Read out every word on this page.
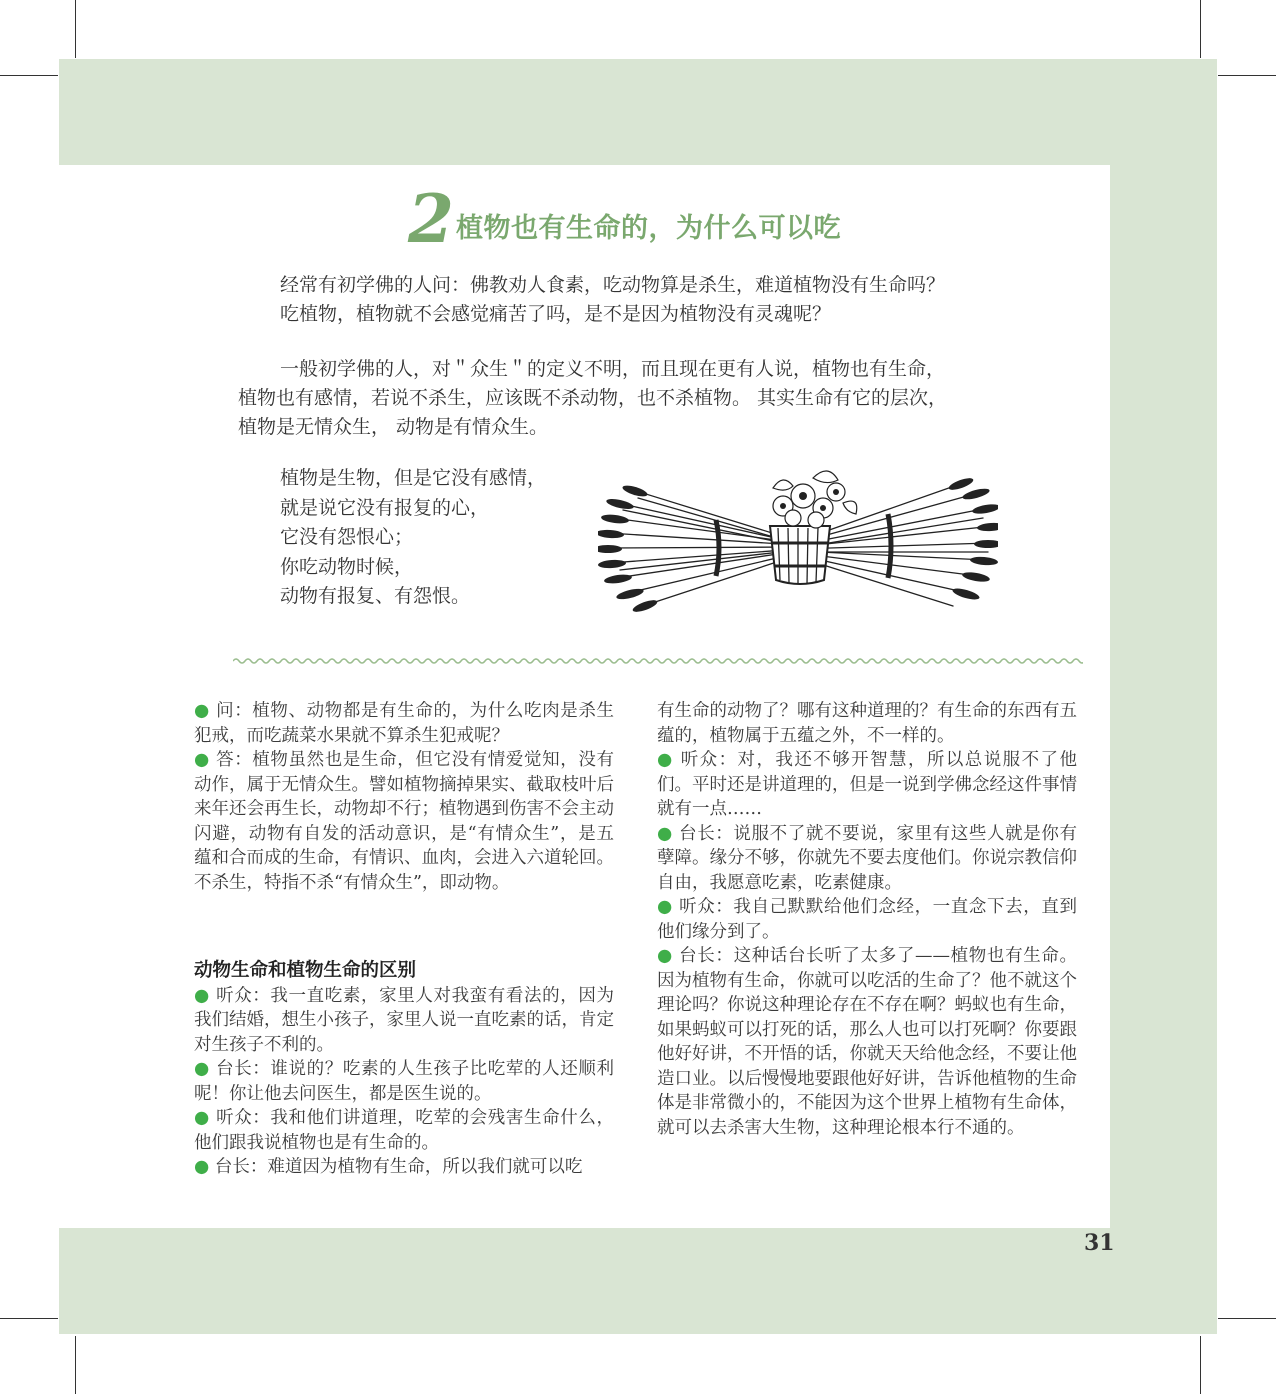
2 植物也有生命的，为什么可以吃

经常有初学佛的人问：佛教劝人食素，吃动物算是杀生，难道植物没有生命吗？

吃植物，植物就不会感觉痛苦了吗，是不是因为植物没有灵魂呢？

一般初学佛的人，对＂众生＂的定义不明，而且现在更有人说，植物也有生命，

植物也有感情，若说不杀生，应该既不杀动物，也不杀植物。 其实生命有它的层次，

植物是无情众生， 动物是有情众生。

植物是生物，但是它没有感情，

就是说它没有报复的心，

它没有怨恨心；

你吃动物时候，

动物有报复、有怨恨。

● 问：植物、动物都是有生命的，为什么吃肉是杀生犯戒，而吃蔬菜水果就不算杀生犯戒呢？

● 答：植物虽然也是生命，但它没有情爱觉知，没有动作，属于无情众生。譬如植物摘掉果实、截取枝叶后来年还会再生长，动物却不行；植物遇到伤害不会主动闪避，动物有自发的活动意识，是“有情众生”，是五蕴和合而成的生命，有情识、血肉，会进入六道轮回。不杀生，特指不杀“有情众生”，即动物。

动物生命和植物生命的区别

● 听众：我一直吃素，家里人对我蛮有看法的，因为我们结婚，想生小孩子，家里人说一直吃素的话，肯定对生孩子不利的。

● 台长：谁说的？吃素的人生孩子比吃荤的人还顺利呢！你让他去问医生，都是医生说的。

● 听众：我和他们讲道理，吃荤的会残害生命什么，他们跟我说植物也是有生命的。

● 台长：难道因为植物有生命，所以我们就可以吃

有生命的动物了？哪有这种道理的？有生命的东西有五蕴的，植物属于五蕴之外，不一样的。

● 听众：对，我还不够开智慧，所以总说服不了他们。平时还是讲道理的，但是一说到学佛念经这件事情就有一点……

● 台长：说服不了就不要说，家里有这些人就是你有孽障。缘分不够，你就先不要去度他们。你说宗教信仰自由，我愿意吃素，吃素健康。

● 听众：我自己默默给他们念经，一直念下去，直到他们缘分到了。

● 台长：这种话台长听了太多了——植物也有生命。因为植物有生命，你就可以吃活的生命了？他不就这个理论吗？你说这种理论存在不存在啊？蚂蚁也有生命，如果蚂蚁可以打死的话，那么人也可以打死啊？你要跟他好好讲，不开悟的话，你就天天给他念经，不要让他造口业。以后慢慢地要跟他好好讲，告诉他植物的生命体是非常微小的，不能因为这个世界上植物有生命体，就可以去杀害大生物，这种理论根本行不通的。

31
